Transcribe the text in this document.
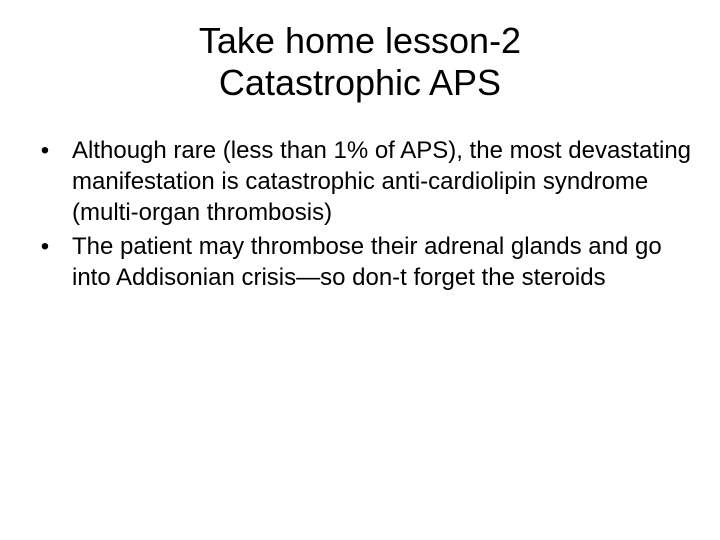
Take home lesson-2
Catastrophic APS
• Although rare (less than 1% of APS), the most devastating manifestation is catastrophic anti-cardiolipin syndrome (multi-organ thrombosis)
• The patient may thrombose their adrenal glands and go into Addisonian crisis—so don-t forget the steroids
